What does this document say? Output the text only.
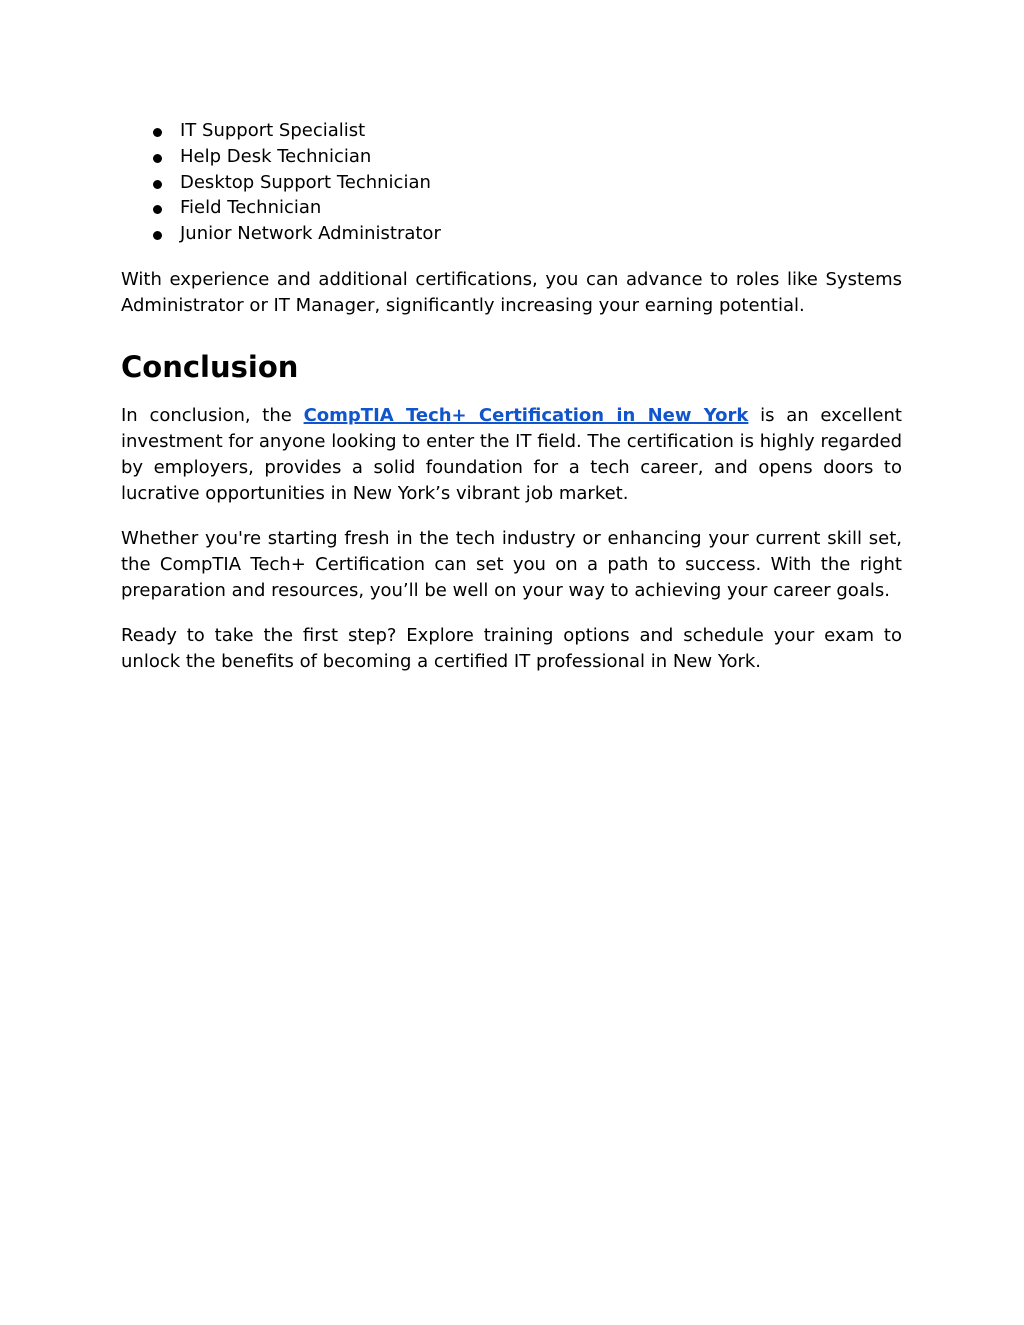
IT Support Specialist
Help Desk Technician
Desktop Support Technician
Field Technician
Junior Network Administrator

With experience and additional certifications, you can advance to roles like Systems Administrator or IT Manager, significantly increasing your earning potential.

Conclusion

In conclusion, the CompTIA Tech+ Certification in New York is an excellent investment for anyone looking to enter the IT field. The certification is highly regarded by employers, provides a solid foundation for a tech career, and opens doors to lucrative opportunities in New York’s vibrant job market.

Whether you're starting fresh in the tech industry or enhancing your current skill set, the CompTIA Tech+ Certification can set you on a path to success. With the right preparation and resources, you’ll be well on your way to achieving your career goals.

Ready to take the first step? Explore training options and schedule your exam to unlock the benefits of becoming a certified IT professional in New York.
